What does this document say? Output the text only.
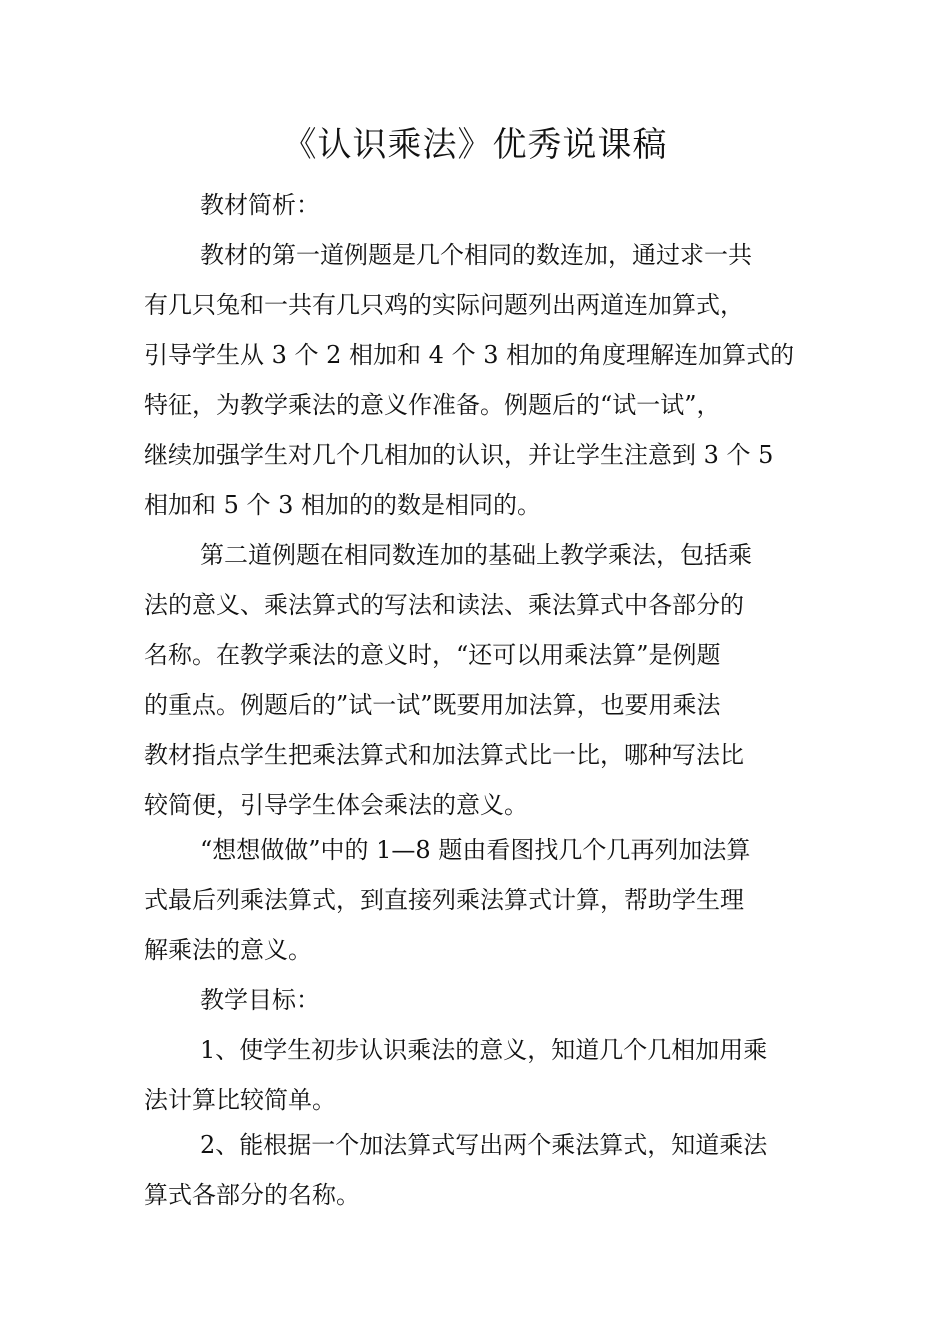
《认识乘法》优秀说课稿
教材简析：
教材的第一道例题是几个相同的数连加，通过求一共
有几只兔和一共有几只鸡的实际问题列出两道连加算式，
引导学生从 3 个 2 相加和 4 个 3 相加的角度理解连加算式的
特征，为教学乘法的意义作准备。例题后的“试一试”，
继续加强学生对几个几相加的认识，并让学生注意到 3 个 5
相加和 5 个 3 相加的的数是相同的。
第二道例题在相同数连加的基础上教学乘法，包括乘
法的意义、乘法算式的写法和读法、乘法算式中各部分的
名称。在教学乘法的意义时，“还可以用乘法算”是例题
的重点。例题后的”试一试”既要用加法算，也要用乘法
教材指点学生把乘法算式和加法算式比一比，哪种写法比
较简便，引导学生体会乘法的意义。
“想想做做”中的 1—8 题由看图找几个几再列加法算
式最后列乘法算式，到直接列乘法算式计算，帮助学生理
解乘法的意义。
教学目标：
1、使学生初步认识乘法的意义，知道几个几相加用乘
法计算比较简单。
2、能根据一个加法算式写出两个乘法算式，知道乘法
算式各部分的名称。
